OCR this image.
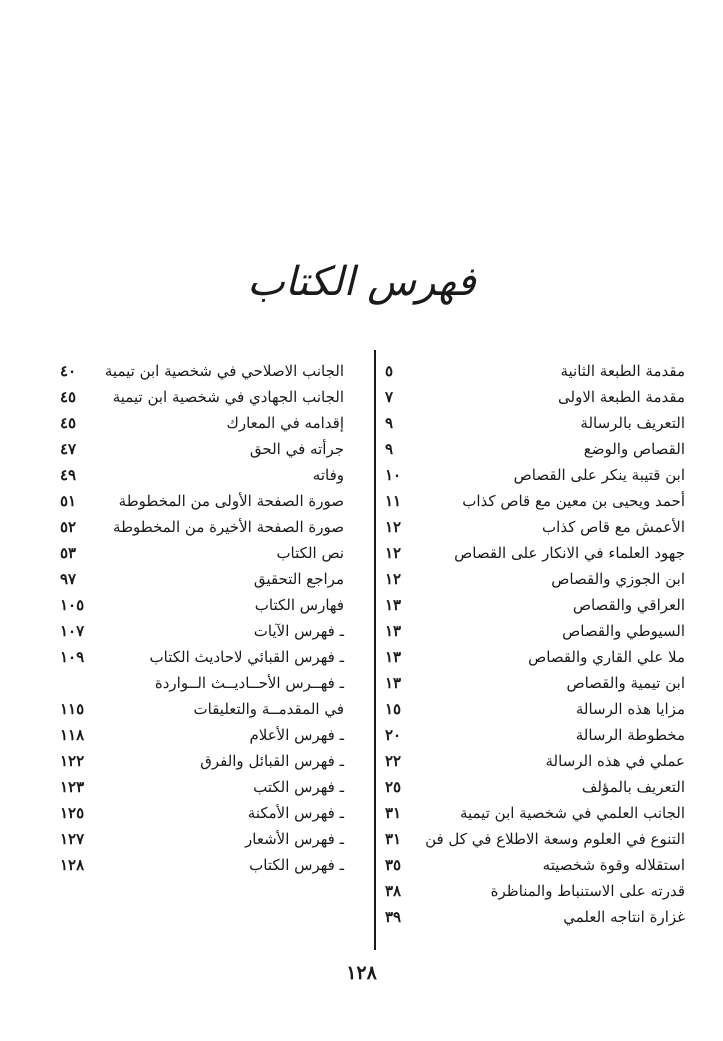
فهرس الكتاب
مقدمة الطبعة الثانية
٥
مقدمة الطبعة الاولى
٧
التعريف بالرسالة
٩
القصاص والوضع
٩
ابن قتيبة ينكر على القصاص
١٠
أحمد ويحيى بن معين مع قاص كذاب
١١
الأعمش مع قاص كذاب
١٢
جهود العلماء في الانكار على القصاص
١٢
ابن الجوزي والقصاص
١٢
العراقي والقصاص
١٣
السيوطي والقصاص
١٣
ملا علي القاري والقصاص
١٣
ابن تيمية والقصاص
١٣
مزايا هذه الرسالة
١٥
مخطوطة الرسالة
٢٠
عملي في هذه الرسالة
٢٢
التعريف بالمؤلف
٢٥
الجانب العلمي في شخصية ابن تيمية
٣١
التنوع في العلوم وسعة الاطلاع في كل فن
٣١
استقلاله وقوة شخصيته
٣٥
قدرته على الاستنباط والمناظرة
٣٨
غزارة انتاجه العلمي
٣٩
الجانب الاصلاحي في شخصية ابن تيمية
٤٠
الجانب الجهادي في شخصية ابن تيمية
٤٥
إقدامه في المعارك
٤٥
جرأته في الحق
٤٧
وفاته
٤٩
صورة الصفحة الأولى من المخطوطة
٥١
صورة الصفحة الأخيرة من المخطوطة
٥٢
نص الكتاب
٥٣
مراجع التحقيق
٩٧
فهارس الكتاب
١٠٥
ـ فهرس الآيات
١٠٧
ـ فهرس القبائي لاحاديث الكتاب
١٠٩
ـ فهــرس الأحــاديــث الــواردة
في المقدمــة والتعليقات
١١٥
ـ فهرس الأعلام
١١٨
ـ فهرس القبائل والفرق
١٢٢
ـ فهرس الكتب
١٢٣
ـ فهرس الأمكنة
١٢٥
ـ فهرس الأشعار
١٢٧
ـ فهرس الكتاب
١٢٨
١٢٨
